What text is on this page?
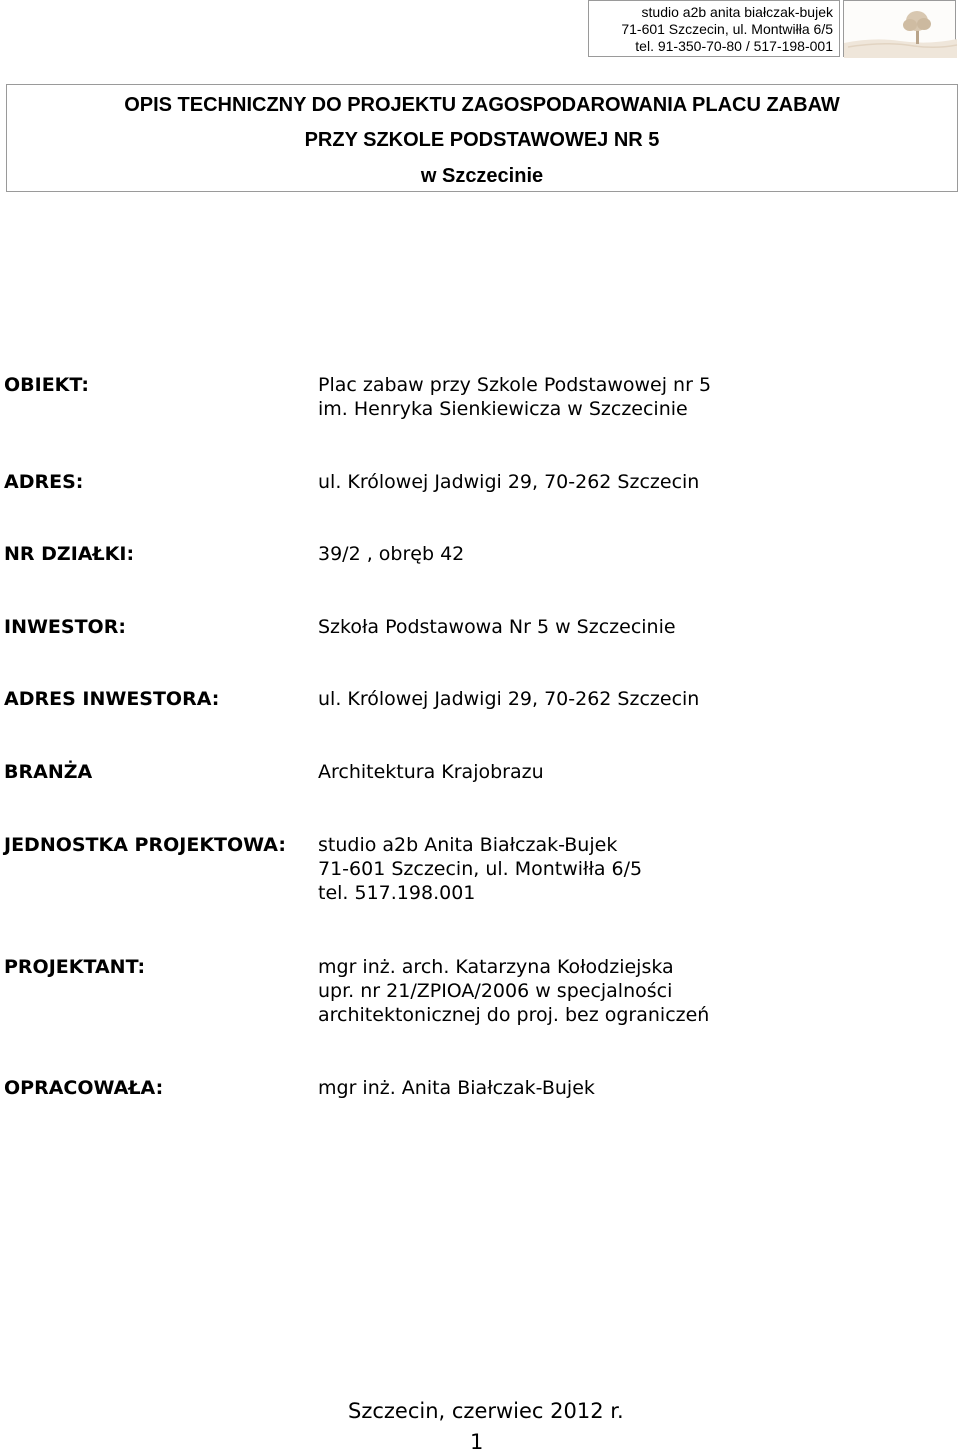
studio a2b anita białczak-bujek
71-601 Szczecin, ul. Montwiłła 6/5
tel. 91-350-70-80 / 517-198-001
OPIS TECHNICZNY DO PROJEKTU ZAGOSPODAROWANIA PLACU ZABAW
PRZY SZKOLE PODSTAWOWEJ NR 5
w Szczecinie
OBIEKT:	Plac zabaw przy Szkole Podstawowej nr 5
im. Henryka Sienkiewicza w Szczecinie
ADRES:	ul. Królowej Jadwigi 29, 70-262 Szczecin
NR DZIAŁKI:	39/2 , obręb 42
INWESTOR:	Szkoła Podstawowa Nr 5 w Szczecinie
ADRES INWESTORA:	ul. Królowej Jadwigi 29, 70-262 Szczecin
BRANŻA	Architektura Krajobrazu
JEDNOSTKA PROJEKTOWA: studio a2b Anita Białczak-Bujek
71-601 Szczecin, ul. Montwiłła 6/5
tel. 517.198.001
PROJEKTANT:	mgr inż. arch. Katarzyna Kołodziejska
upr. nr 21/ZPIOA/2006 w specjalności
architektonicznej do proj. bez ograniczeń
OPRACOWAŁA:	mgr inż. Anita Białczak-Bujek
Szczecin, czerwiec 2012 r.
1
